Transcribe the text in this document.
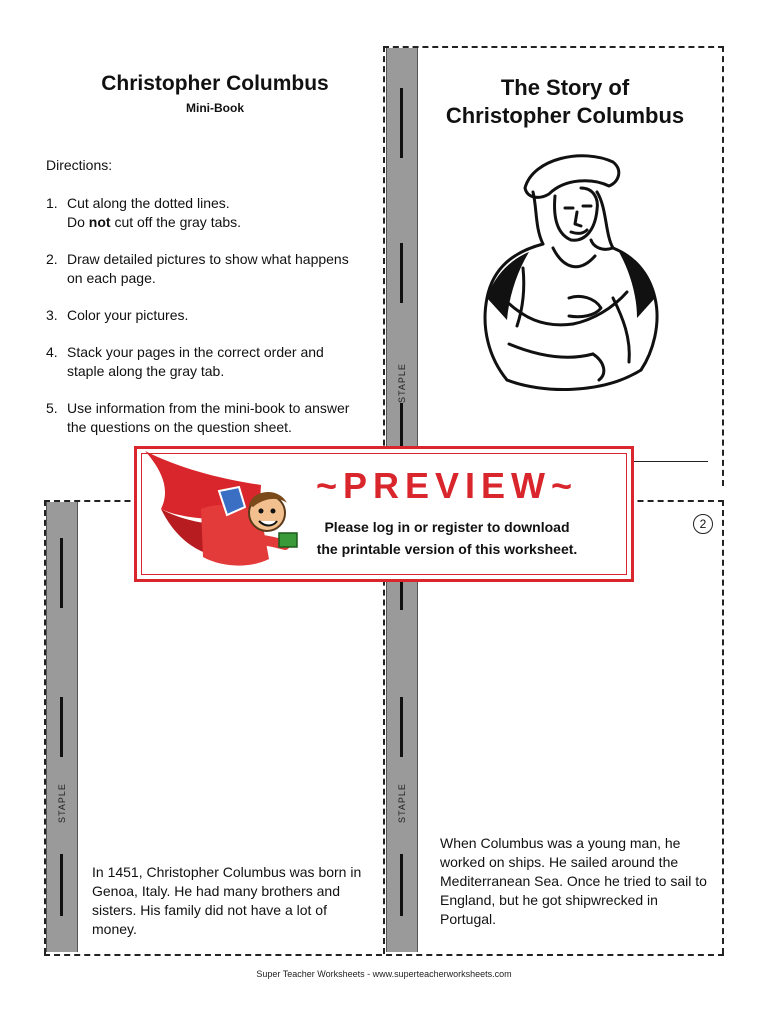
STAPLE
STAPLE	STAPLE
Christopher Columbus
Mini-Book
Directions:
1. Cut along the dotted lines.
Do not cut off the gray tabs.
2. Draw detailed pictures to show what happens on each page.
3. Color your pictures.
4. Stack your pages in the correct order and staple along the gray tab.
5. Use information from the mini-book to answer the questions on the question sheet.
The Story of
Christopher Columbus
In 1451, Christopher Columbus was born in Genoa, Italy. He had many brothers and sisters. His family did not have a lot of money.
2
When Columbus was a young man, he worked on ships. He sailed around the Mediterranean Sea. Once he tried to sail to England, but he got shipwrecked in Portugal.
~PREVIEW~
Please log in or register to download
the printable version of this worksheet.
Super Teacher Worksheets - www.superteacherworksheets.com
